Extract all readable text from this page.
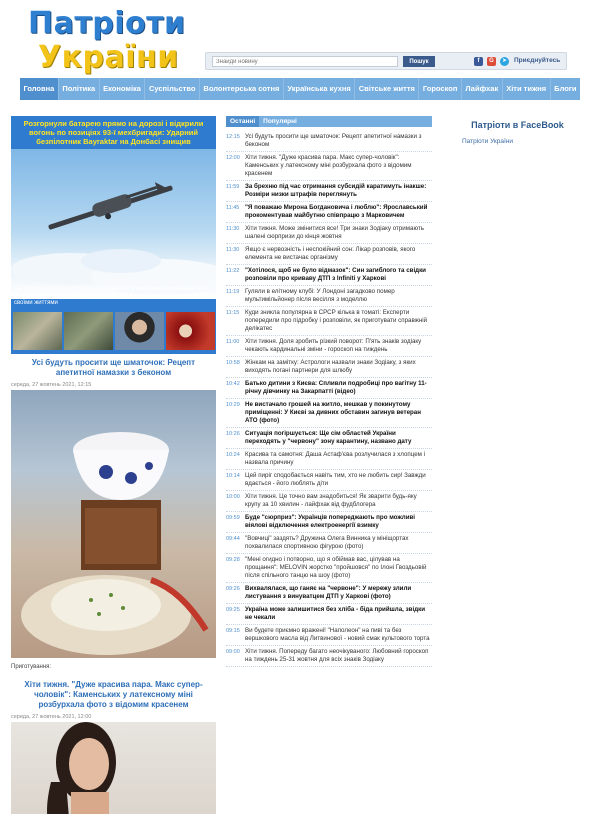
Патріоти
України
Знайди новину	Пошук	f	G	➤	Приєднуйтесь
Головна	Політика	Економіка	Суспільство	Волонтерська сотня	Українська кухня	Світське життя	Гороскоп	Лайфхак	Хіти тижня	Блоги
Розгорнули батарею прямо на дорозі і відкрили вогонь по позиціях 93-ї мехбригади: Ударний безпілотник Bayraktar на Донбасі знищив
Це перше бойове застосування Bayraktar у російсько-українській війні. За вбитого захисника України, російські окупанти заплатили кількома своїми життями
Усі будуть просити ще шматочок: Рецепт апетитної намазки з беконом
середа, 27 жовтень 2021, 12:15
Приготування:
Хіти тижня. "Дуже красива пара. Макс супер-чоловік": Каменських у латексному міні розбурхала фото з відомим красенем
середа, 27 жовтень 2021, 12:00
Останні	Популярні
12:15 Усі будуть просити ще шматочок: Рецепт апетитної намазки з беконом
12:00 Хіти тижня. "Дуже красива пара. Макс супер-чоловік": Каменських у латексному міні розбурхала фото з відомим красенем
11:59 За брехню під час отримання субсидій каратимуть інакше: Розміри низки штрафів переглянуть
11:45 "Я поважаю Мирона Богдановича і люблю": Ярославський прокоментував майбутню співпрацю з Марковичем
11:30 Хіти тижня. Може змінитися все! Три знаки Зодіаку отримають шалені сюрпризи до кінця жовтня
11:30 Якщо є нервозність і неспокійний сон: Лікар розповів, якого елемента не вистачає організму
11:22 "Хотілося, щоб не було відмазок": Син загиблого та свідки розповіли про криваву ДТП з Infiniti у Харкові
11:19 Гуляли в елітному клубі: У Лондоні загадково помер мультимільйонер після весілля з моделлю
11:15 Куди зникла популярна в СРСР кілька в томаті: Експерти попередили про підробку і розповіли, як приготувати справжній делікатес
11:00 Хіти тижня. Доля зробить різкий поворот: П'ять знаків зодіаку чекають кардинальні зміни - гороскоп на тиждень
10:58 Жінкам на замітку: Астрологи назвали знаки Зодіаку, з яких виходять погані партнери для шлюбу
10:42 Батько дитини з Києва: Спливли подробиці про вагітну 11-річну дівчинку на Закарпатті (відео)
10:29 Не вистачало грошей на житло, мешкав у покинутому приміщенні: У Києві за дивних обставин загинув ветеран АТО (фото)
10:26 Ситуація погіршується: Ще сім областей України переходять у "червону" зону карантину, названо дату
10:24 Красива та самотня: Даша Астаф'єва розлучилася з хлопцем і назвала причину
10:14 Цей пиріг сподобається навіть тим, хто не любить сир! Завжди вдається - його люблять діти
10:00 Хіти тижня. Це точно вам знадобиться! Як зварити будь-яку крупу за 10 хвилин - лайфхак від фудблогера
09:59 Буде "сюрприз": Українців попереджають про можливі віялові відключення електроенергії взимку
09:44 "Вовчиці" заздять? Дружина Олега Винника у мініщортах похвалилася спортивною фігурою (фото)
09:28 "Мені огидно і потворно, що я обіймав вас, цілував на прощання": MELOVIN жорстко "пройшовся" по Ілоні Гвоздьовій після спільного танцю на шоу (фото)
09:26 Вихвалялася, що ганяє на "червоне": У мережу злили листування з винуватцем ДТП у Харкові (фото)
09:25 Україна може залишитися без хліба - біда прийшла, звідки не чекали
09:15 Ви будете приємно вражені! "Наполеон" на пиві та без вершкового масла від Литвинової - новий смак культового торта
09:00 Хіти тижня. Попереду багато неочікуваного: Любовний гороскоп на тиждень 25-31 жовтня для всіх знаків Зодіаку
Патріоти в FaceBook
Патріоти України
